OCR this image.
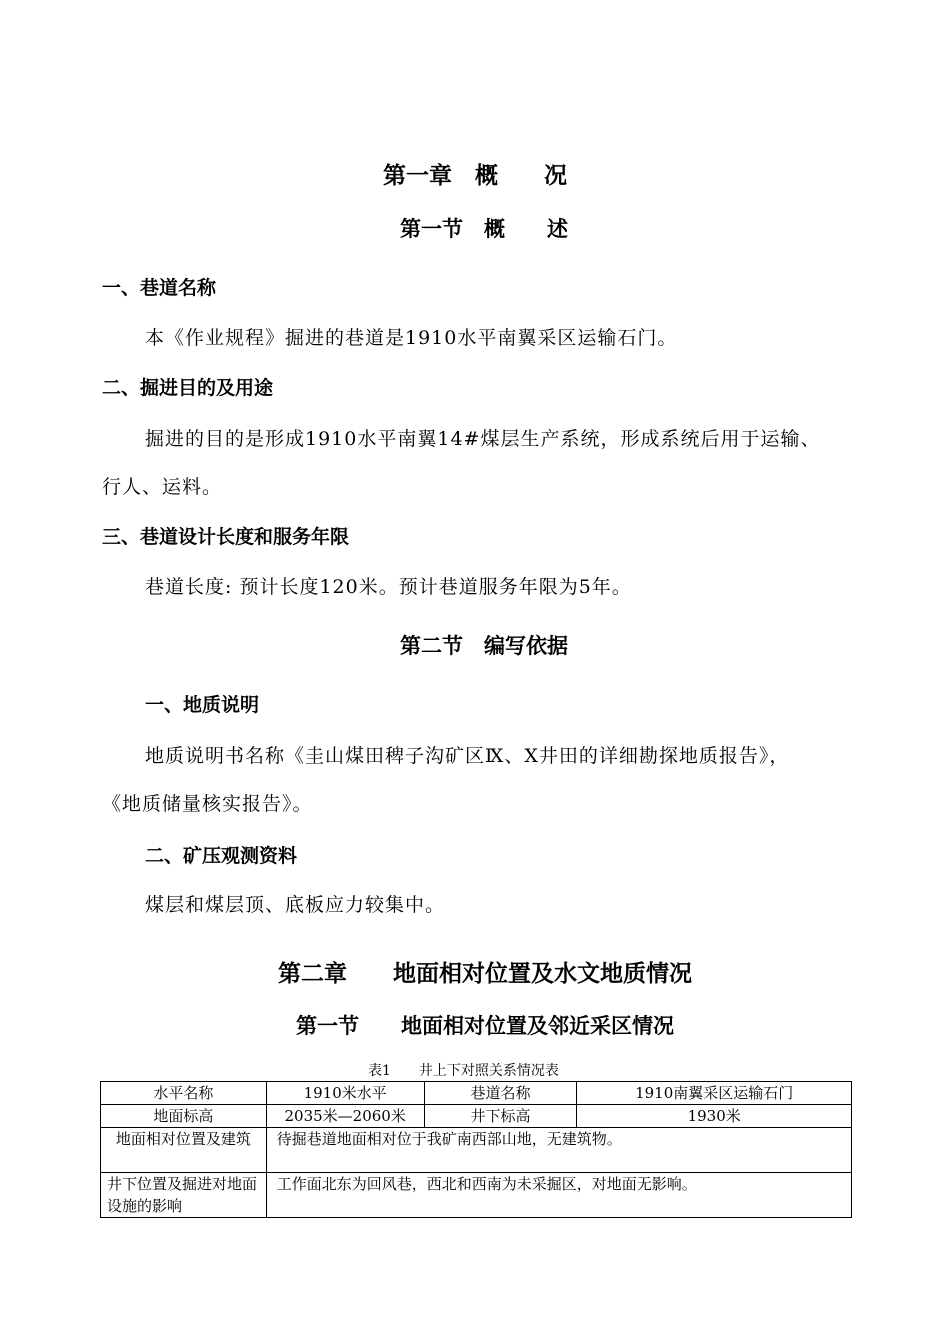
第一章　概　　况
第一节　概　　述
一、巷道名称
本《作业规程》掘进的巷道是1910水平南翼采区运输石门。
二、掘进目的及用途
掘进的目的是形成1910水平南翼14#煤层生产系统，形成系统后用于运输、
行人、运料。
三、巷道设计长度和服务年限
巷道长度: 预计长度120米。预计巷道服务年限为5年。
第二节　编写依据
一、地质说明
地质说明书名称《圭山煤田稗子沟矿区Ⅸ、Ⅹ井田的详细勘探地质报告》，
《地质储量核实报告》。
二、矿压观测资料
煤层和煤层顶、底板应力较集中。
第二章　　地面相对位置及水文地质情况
第一节　　地面相对位置及邻近采区情况
表1　　井上下对照关系情况表
水平名称	1910米水平	巷道名称	1910南翼采区运输石门
地面标高	2035米—2060米	井下标高	1930米
地面相对位置及建筑	待掘巷道地面相对位于我矿南西部山地，无建筑物。		
井下位置及掘进对地面设施的影响	工作面北东为回风巷，西北和西南为未采掘区，对地面无影响。		
